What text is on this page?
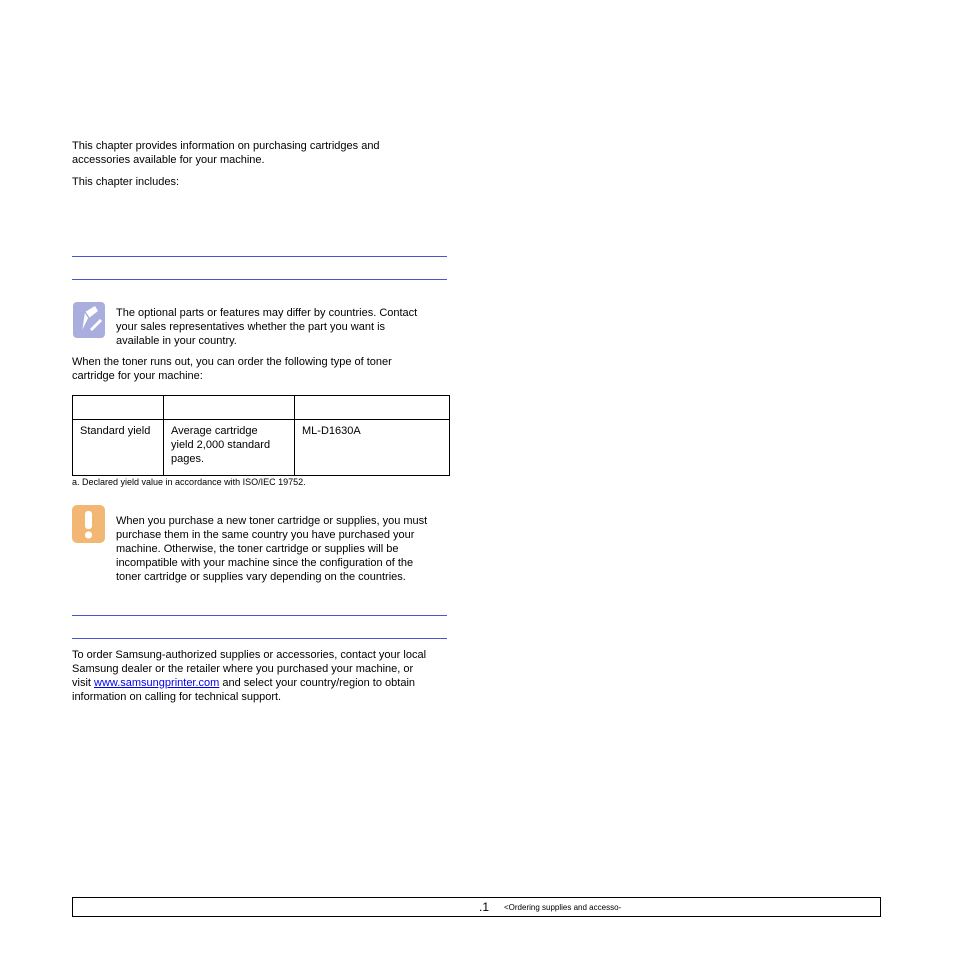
This chapter provides information on purchasing cartridges and

accessories available for your machine.

This chapter includes:

The optional parts or features may differ by countries. Contact

your sales representatives whether the part you want is

available in your country.

When the toner runs out, you can order the following type of toner

cartridge for your machine:

Standard yield	Average cartridge
yield 2,000 standard
pages.	ML-D1630A

a. Declared yield value in accordance with ISO/IEC 19752.

When you purchase a new toner cartridge or supplies, you must

purchase them in the same country you have purchased your

machine. Otherwise, the toner cartridge or supplies will be

incompatible with your machine since the configuration of the

toner cartridge or supplies vary depending on the countries.

To order Samsung-authorized supplies or accessories, contact your local

Samsung dealer or the retailer where you purchased your machine, or

visit www.samsungprinter.com and select your country/region to obtain

information on calling for technical support.

.1 <Ordering supplies and accesso-
